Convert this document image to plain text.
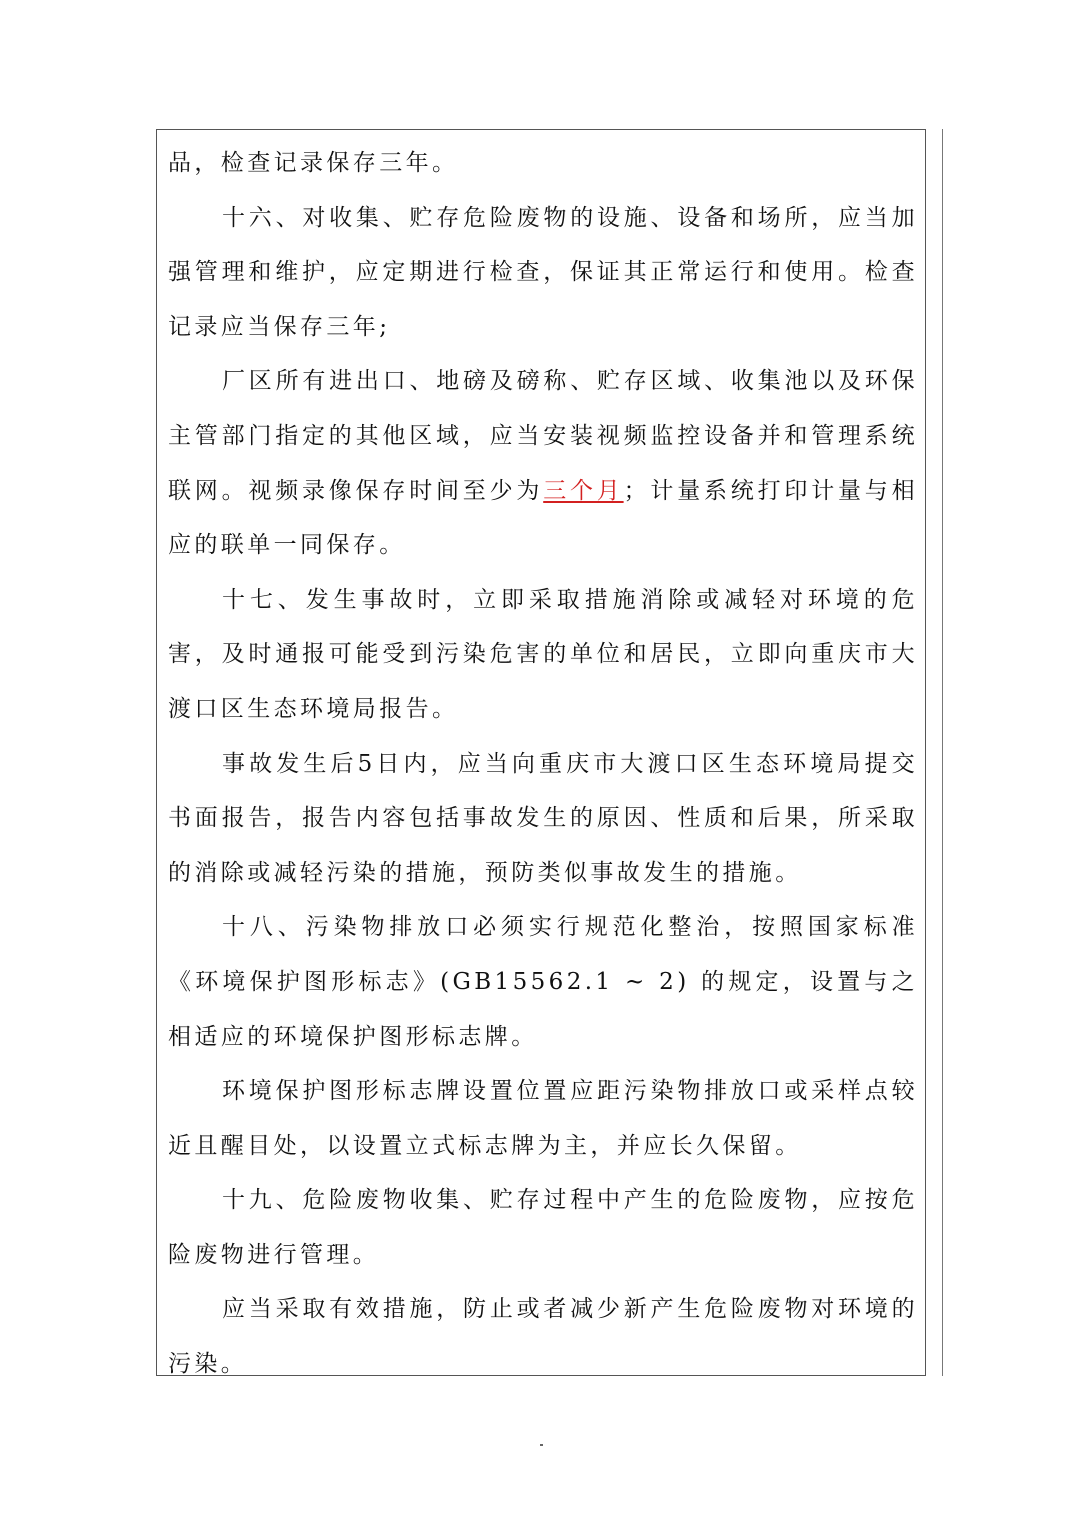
品，检查记录保存三年。

十六、对收集、贮存危险废物的设施、设备和场所，应当加强管理和维护，应定期进行检查，保证其正常运行和使用。检查记录应当保存三年;

厂区所有进出口、地磅及磅称、贮存区域、收集池以及环保主管部门指定的其他区域，应当安装视频监控设备并和管理系统联网。视频录像保存时间至少为三个月；计量系统打印计量与相应的联单一同保存。

十七、发生事故时，立即采取措施消除或减轻对环境的危害，及时通报可能受到污染危害的单位和居民，立即向重庆市大渡口区生态环境局报告。

事故发生后5日内，应当向重庆市大渡口区生态环境局提交书面报告，报告内容包括事故发生的原因、性质和后果，所采取的消除或减轻污染的措施，预防类似事故发生的措施。

十八、污染物排放口必须实行规范化整治，按照国家标准《环境保护图形标志》(GB15562.1 ~ 2) 的规定，设置与之相适应的环境保护图形标志牌。

环境保护图形标志牌设置位置应距污染物排放口或采样点较近且醒目处，以设置立式标志牌为主，并应长久保留。

十九、危险废物收集、贮存过程中产生的危险废物，应按危险废物进行管理。

应当采取有效措施，防止或者减少新产生危险废物对环境的污染。
